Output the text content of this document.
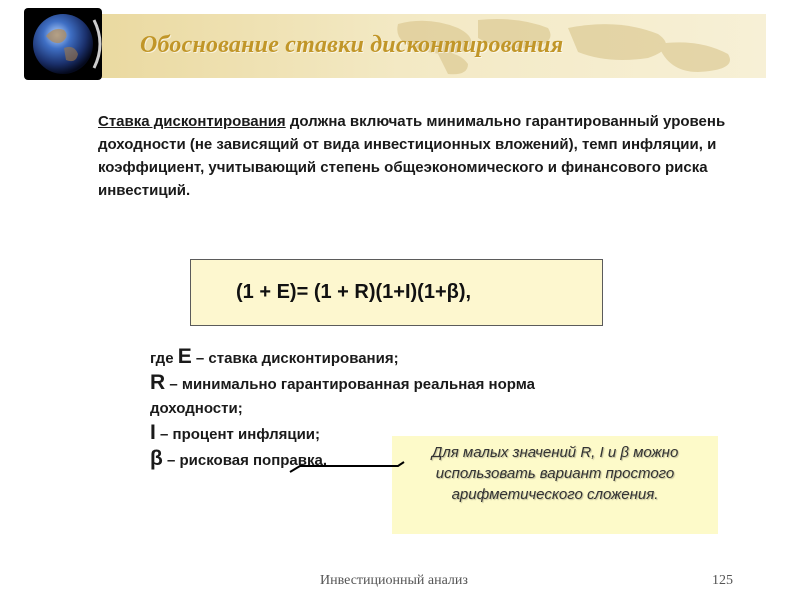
Обоснование ставки дисконтирования
Ставка дисконтирования должна включать минимально гарантированный уровень доходности (не зависящий от вида инвестиционных вложений), темп инфляции, и коэффициент, учитывающий степень общеэкономического и финансового риска инвестиций.
(1 + E)= (1 + R)(1+I)(1+β),
где E – ставка дисконтирования;
R – минимально гарантированная реальная норма доходности;
I – процент инфляции;
β – рисковая поправка.	Для малых значений R, I и β можно использовать вариант простого арифметического сложения.
Инвестиционный анализ	125
